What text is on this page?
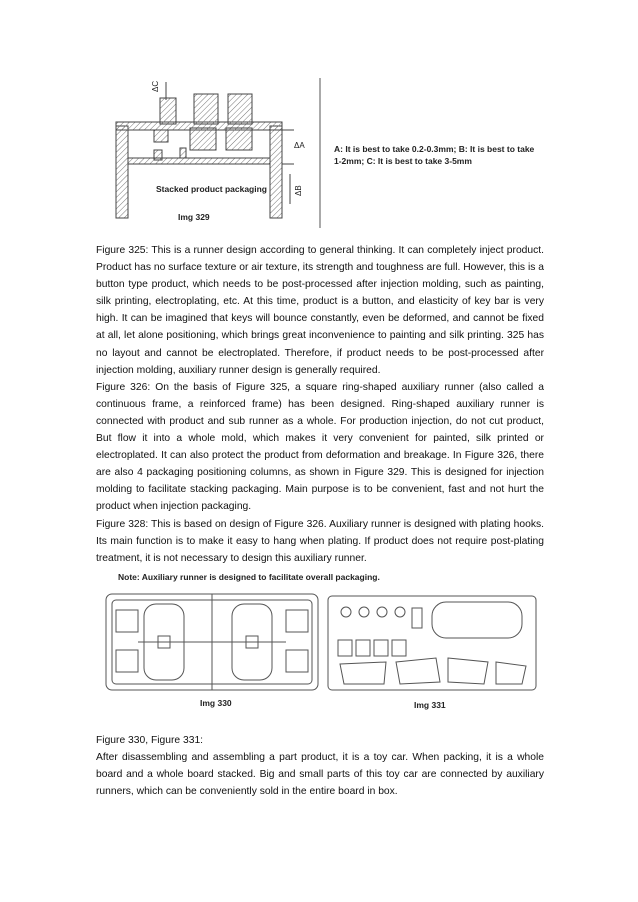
ΔC
ΔA
ΔB
Stacked product packaging
Img 329
A: It is best to take 0.2-0.3mm; B: It is best to take
1-2mm; C: It is best to take 3-5mm

Figure 325: This is a runner design according to general thinking. It can completely inject product. Product has no surface texture or air texture, its strength and toughness are full. However, this is a button type product, which needs to be post-processed after injection molding, such as painting, silk printing, electroplating, etc. At this time, product is a button, and elasticity of key bar is very high. It can be imagined that keys will bounce constantly, even be deformed, and cannot be fixed at all, let alone positioning, which brings great inconvenience to painting and silk printing. 325 has no layout and cannot be electroplated. Therefore, if product needs to be post-processed after injection molding, auxiliary runner design is generally required.

Figure 326: On the basis of Figure 325, a square ring-shaped auxiliary runner (also called a continuous frame, a reinforced frame) has been designed. Ring-shaped auxiliary runner is connected with product and sub runner as a whole. For production injection, do not cut product, But flow it into a whole mold, which makes it very convenient for painted, silk printed or electroplated. It can also protect the product from deformation and breakage. In Figure 326, there are also 4 packaging positioning columns, as shown in Figure 329. This is designed for injection molding to facilitate stacking packaging. Main purpose is to be convenient, fast and not hurt the product when injection packaging.

Figure 328: This is based on design of Figure 326. Auxiliary runner is designed with plating hooks. Its main function is to make it easy to hang when plating. If product does not require post-plating treatment, it is not necessary to design this auxiliary runner.

Note: Auxiliary runner is designed to facilitate overall packaging.
Img 330	Img 331

Figure 330, Figure 331:

After disassembling and assembling a part product, it is a toy car. When packing, it is a whole board and a whole board stacked. Big and small parts of this toy car are connected by auxiliary runners, which can be conveniently sold in the entire board in box.
